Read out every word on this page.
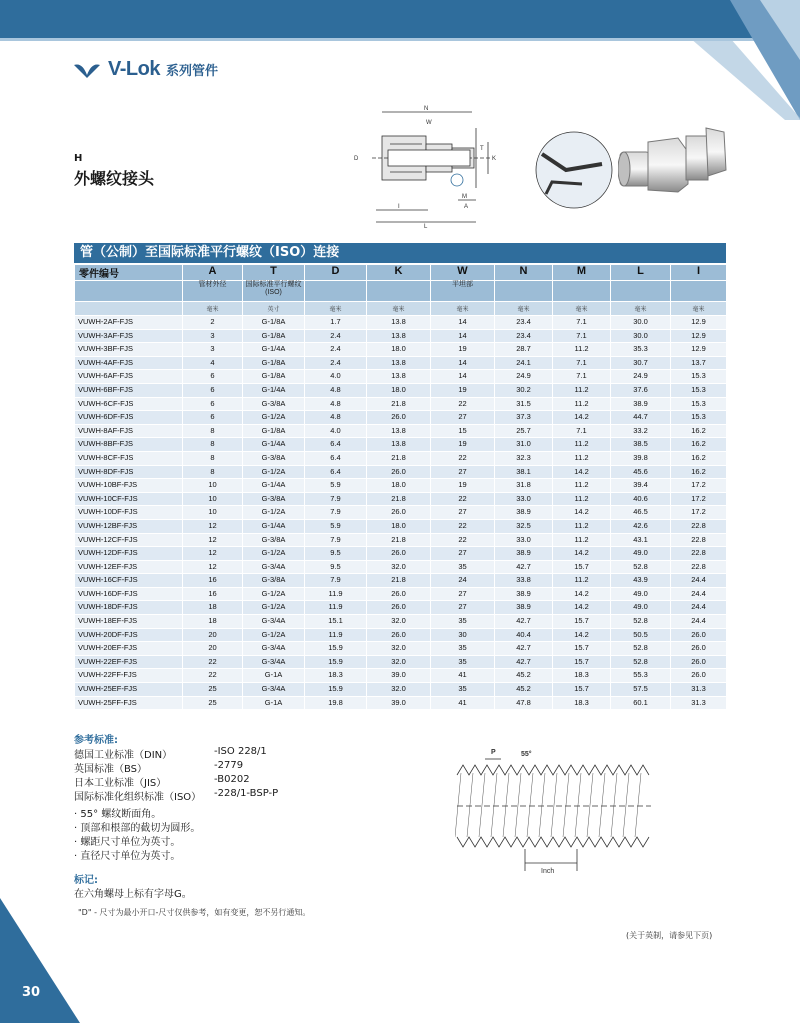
V-Lok 系列管件
H
外螺纹接头
N
W
D
T
K
M
A
I
L
管（公制）至国际标准平行螺纹（ISO）连接
零件编号	A	T	D	K	W	N	M	L	I
	管材外径	国际标准平行螺纹 (ISO)			平坦部				
	毫米	英寸	毫米	毫米	毫米	毫米	毫米	毫米	毫米
VUWH-2AF-FJS	2	G-1/8A	1.7	13.8	14	23.4	7.1	30.0	12.9
VUWH-3AF-FJS	3	G-1/8A	2.4	13.8	14	23.4	7.1	30.0	12.9
VUWH-3BF-FJS	3	G-1/4A	2.4	18.0	19	28.7	11.2	35.3	12.9
VUWH-4AF-FJS	4	G-1/8A	2.4	13.8	14	24.1	7.1	30.7	13.7
VUWH-6AF-FJS	6	G-1/8A	4.0	13.8	14	24.9	7.1	24.9	15.3
VUWH-6BF-FJS	6	G-1/4A	4.8	18.0	19	30.2	11.2	37.6	15.3
VUWH-6CF-FJS	6	G-3/8A	4.8	21.8	22	31.5	11.2	38.9	15.3
VUWH-6DF-FJS	6	G-1/2A	4.8	26.0	27	37.3	14.2	44.7	15.3
VUWH-8AF-FJS	8	G-1/8A	4.0	13.8	15	25.7	7.1	33.2	16.2
VUWH-8BF-FJS	8	G-1/4A	6.4	13.8	19	31.0	11.2	38.5	16.2
VUWH-8CF-FJS	8	G-3/8A	6.4	21.8	22	32.3	11.2	39.8	16.2
VUWH-8DF-FJS	8	G-1/2A	6.4	26.0	27	38.1	14.2	45.6	16.2
VUWH-10BF-FJS	10	G-1/4A	5.9	18.0	19	31.8	11.2	39.4	17.2
VUWH-10CF-FJS	10	G-3/8A	7.9	21.8	22	33.0	11.2	40.6	17.2
VUWH-10DF-FJS	10	G-1/2A	7.9	26.0	27	38.9	14.2	46.5	17.2
VUWH-12BF-FJS	12	G-1/4A	5.9	18.0	22	32.5	11.2	42.6	22.8
VUWH-12CF-FJS	12	G-3/8A	7.9	21.8	22	33.0	11.2	43.1	22.8
VUWH-12DF-FJS	12	G-1/2A	9.5	26.0	27	38.9	14.2	49.0	22.8
VUWH-12EF-FJS	12	G-3/4A	9.5	32.0	35	42.7	15.7	52.8	22.8
VUWH-16CF-FJS	16	G-3/8A	7.9	21.8	24	33.8	11.2	43.9	24.4
VUWH-16DF-FJS	16	G-1/2A	11.9	26.0	27	38.9	14.2	49.0	24.4
VUWH-18DF-FJS	18	G-1/2A	11.9	26.0	27	38.9	14.2	49.0	24.4
VUWH-18EF-FJS	18	G-3/4A	15.1	32.0	35	42.7	15.7	52.8	24.4
VUWH-20DF-FJS	20	G-1/2A	11.9	26.0	30	40.4	14.2	50.5	26.0
VUWH-20EF-FJS	20	G-3/4A	15.9	32.0	35	42.7	15.7	52.8	26.0
VUWH-22EF-FJS	22	G-3/4A	15.9	32.0	35	42.7	15.7	52.8	26.0
VUWH-22FF-FJS	22	G-1A	18.3	39.0	41	45.2	18.3	55.3	26.0
VUWH-25EF-FJS	25	G-3/4A	15.9	32.0	35	45.2	15.7	57.5	31.3
VUWH-25FF-FJS	25	G-1A	19.8	39.0	41	47.8	18.3	60.1	31.3
参考标准:
德国工业标准（DIN）	-ISO 228/1
英国标准（BS）	-2779
日本工业标准（JIS）	-B0202
国际标准化组织标准（ISO） -228/1-BSP-P
· 55° 螺纹断面角。
· 顶部和根部的截切为圆形。
· 螺距尺寸单位为英寸。
· 直径尺寸单位为英寸。
P	55°
Inch
标记:
在六角螺母上标有字母G。
"D" - 尺寸为最小开口-尺寸仅供参考，如有变更，恕不另行通知。
(关于英制，请参见下页)
30
